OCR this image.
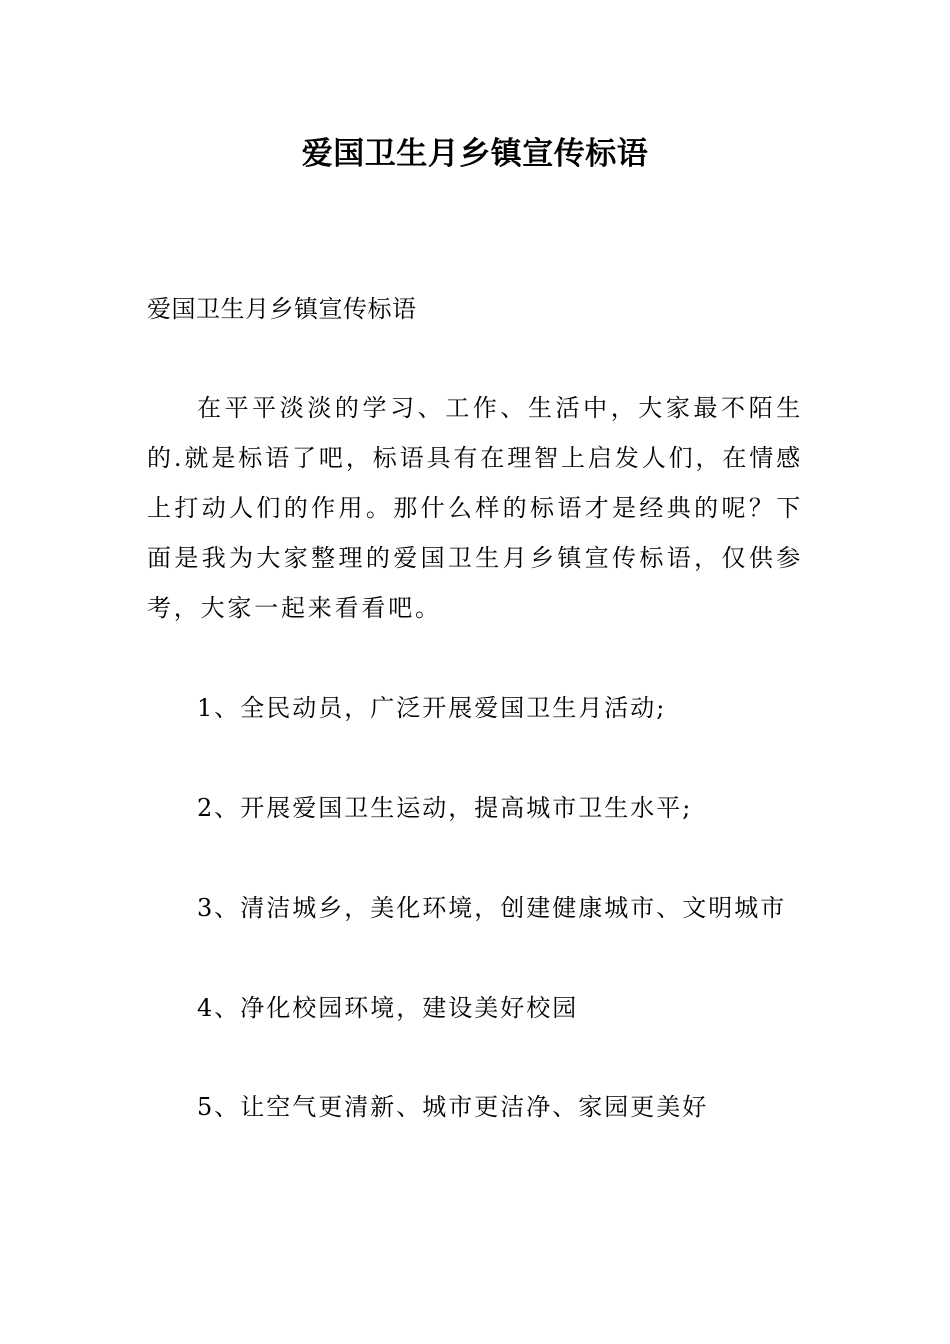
爱国卫生月乡镇宣传标语
爱国卫生月乡镇宣传标语
在平平淡淡的学习、工作、生活中，大家最不陌生的.就是标语了吧，标语具有在理智上启发人们，在情感上打动人们的作用。那什么样的标语才是经典的呢？下面是我为大家整理的爱国卫生月乡镇宣传标语，仅供参考，大家一起来看看吧。
1、全民动员，广泛开展爱国卫生月活动;
2、开展爱国卫生运动，提高城市卫生水平;
3、清洁城乡，美化环境，创建健康城市、文明城市
4、净化校园环境，建设美好校园
5、让空气更清新、城市更洁净、家园更美好
